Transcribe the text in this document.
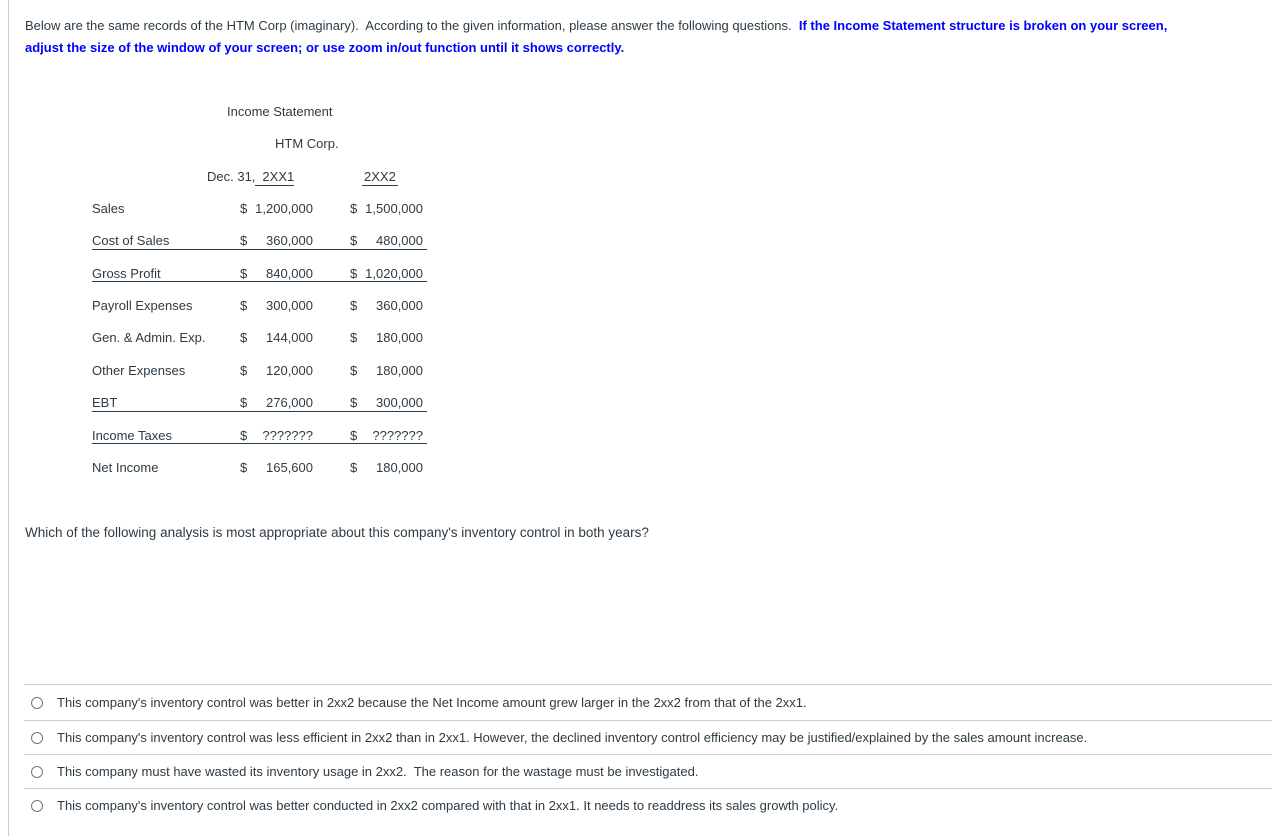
Below are the same records of the HTM Corp (imaginary).  According to the given information, please answer the following questions.  If the Income Statement structure is broken on your screen,
adjust the size of the window of your screen; or use zoom in/out function until it shows correctly.
Income Statement
HTM Corp.
Dec. 31, 2XX1	2XX2
Sales	$ 1,200,000	$ 1,500,000
Cost of Sales	$ 360,000	$ 480,000
Gross Profit	$ 840,000	$ 1,020,000
Payroll Expenses	$ 300,000	$ 360,000
Gen. & Admin. Exp.	$ 144,000	$ 180,000
Other Expenses	$ 120,000	$ 180,000
EBT	$ 276,000	$ 300,000
Income Taxes	$ ???????	$ ???????
Net Income	$ 165,600	$ 180,000
Which of the following analysis is most appropriate about this company's inventory control in both years?
This company's inventory control was better in 2xx2 because the Net Income amount grew larger in the 2xx2 from that of the 2xx1.
This company's inventory control was less efficient in 2xx2 than in 2xx1. However, the declined inventory control efficiency may be justified/explained by the sales amount increase.
This company must have wasted its inventory usage in 2xx2.  The reason for the wastage must be investigated.
This company's inventory control was better conducted in 2xx2 compared with that in 2xx1. It needs to readdress its sales growth policy.
